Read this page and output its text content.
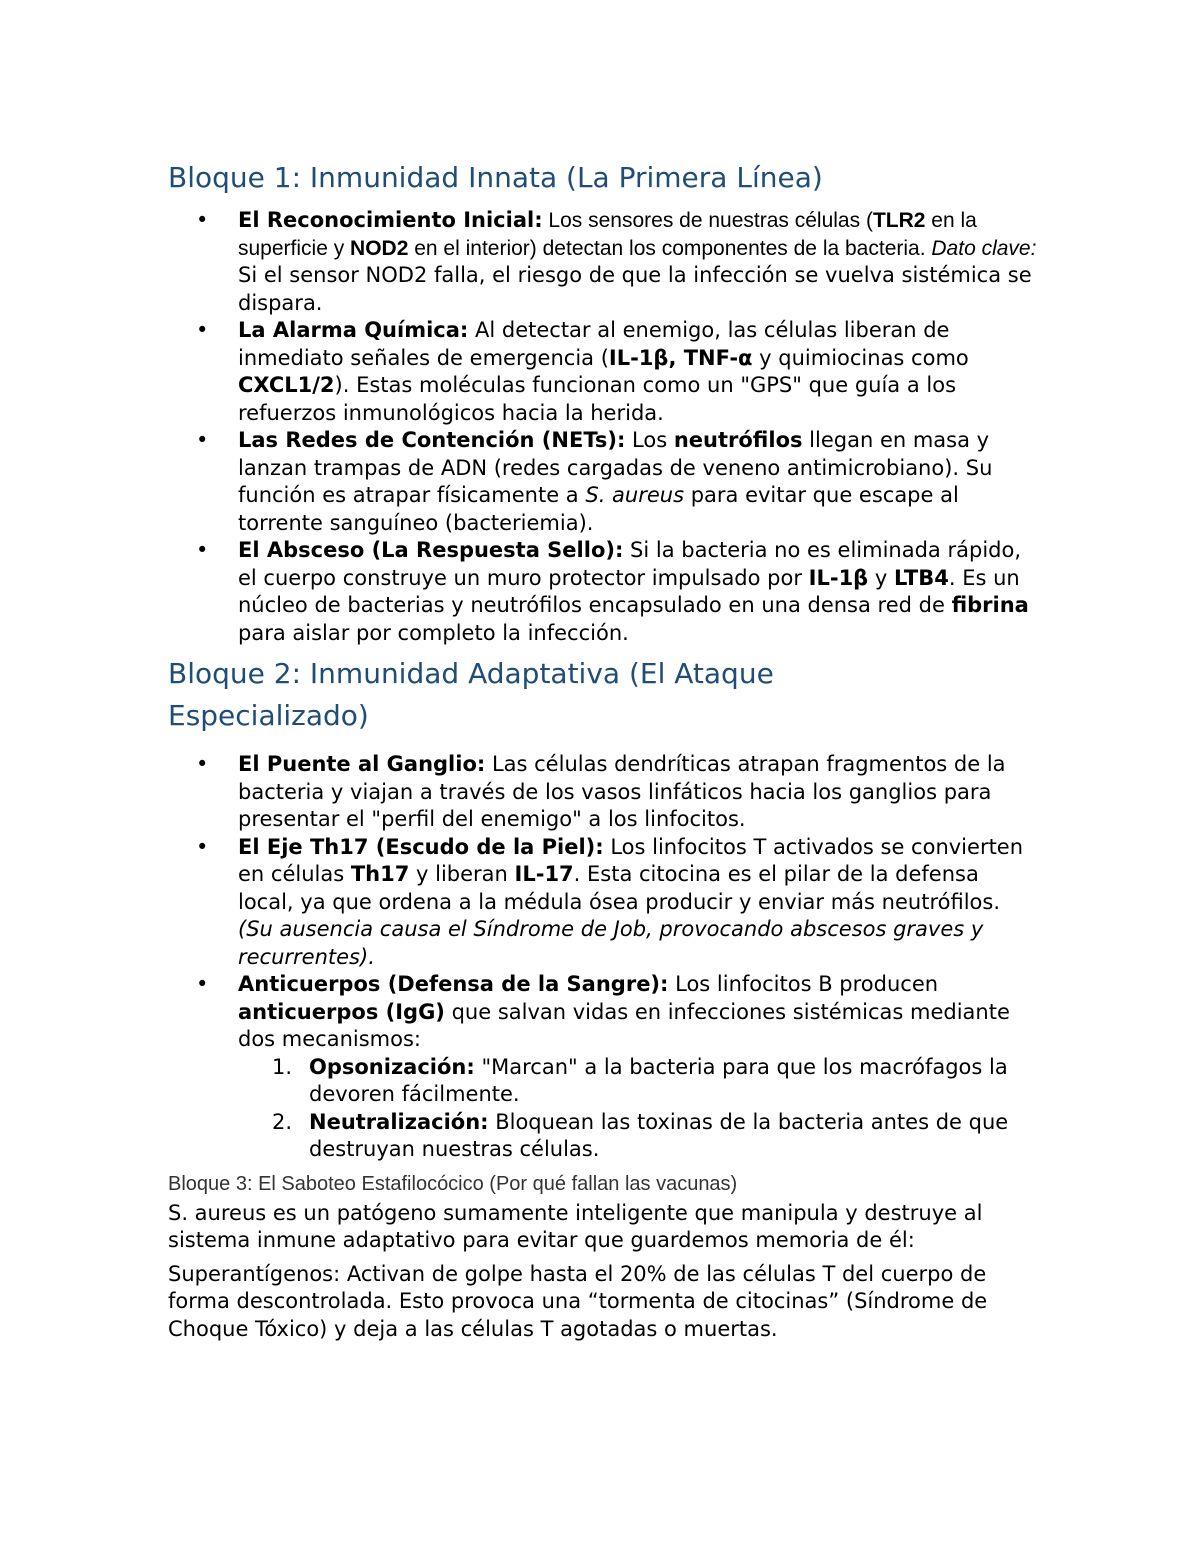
Bloque 1: Inmunidad Innata (La Primera Línea)
• El Reconocimiento Inicial: Los sensores de nuestras células (TLR2 en la superficie y NOD2 en el interior) detectan los componentes de la bacteria. Dato clave: Si el sensor NOD2 falla, el riesgo de que la infección se vuelva sistémica se dispara.
• La Alarma Química: Al detectar al enemigo, las células liberan de inmediato señales de emergencia (IL-1β, TNF-α y quimiocinas como CXCL1/2). Estas moléculas funcionan como un "GPS" que guía a los refuerzos inmunológicos hacia la herida.
• Las Redes de Contención (NETs): Los neutrófilos llegan en masa y lanzan trampas de ADN (redes cargadas de veneno antimicrobiano). Su función es atrapar físicamente a S. aureus para evitar que escape al torrente sanguíneo (bacteriemia).
• El Absceso (La Respuesta Sello): Si la bacteria no es eliminada rápido, el cuerpo construye un muro protector impulsado por IL-1β y LTB4. Es un núcleo de bacterias y neutrófilos encapsulado en una densa red de fibrina para aislar por completo la infección.
Bloque 2: Inmunidad Adaptativa (El Ataque Especializado)
• El Puente al Ganglio: Las células dendríticas atrapan fragmentos de la bacteria y viajan a través de los vasos linfáticos hacia los ganglios para presentar el "perfil del enemigo" a los linfocitos.
• El Eje Th17 (Escudo de la Piel): Los linfocitos T activados se convierten en células Th17 y liberan IL-17. Esta citocina es el pilar de la defensa local, ya que ordena a la médula ósea producir y enviar más neutrófilos. (Su ausencia causa el Síndrome de Job, provocando abscesos graves y recurrentes).
• Anticuerpos (Defensa de la Sangre): Los linfocitos B producen anticuerpos (IgG) que salvan vidas en infecciones sistémicas mediante dos mecanismos:
1. Opsonización: "Marcan" a la bacteria para que los macrófagos la devoren fácilmente.
2. Neutralización: Bloquean las toxinas de la bacteria antes de que destruyan nuestras células.
Bloque 3: El Saboteo Estafilocócico (Por qué fallan las vacunas)

S. aureus es un patógeno sumamente inteligente que manipula y destruye al sistema inmune adaptativo para evitar que guardemos memoria de él:

Superantígenos: Activan de golpe hasta el 20% de las células T del cuerpo de forma descontrolada. Esto provoca una “tormenta de citocinas” (Síndrome de Choque Tóxico) y deja a las células T agotadas o muertas.
